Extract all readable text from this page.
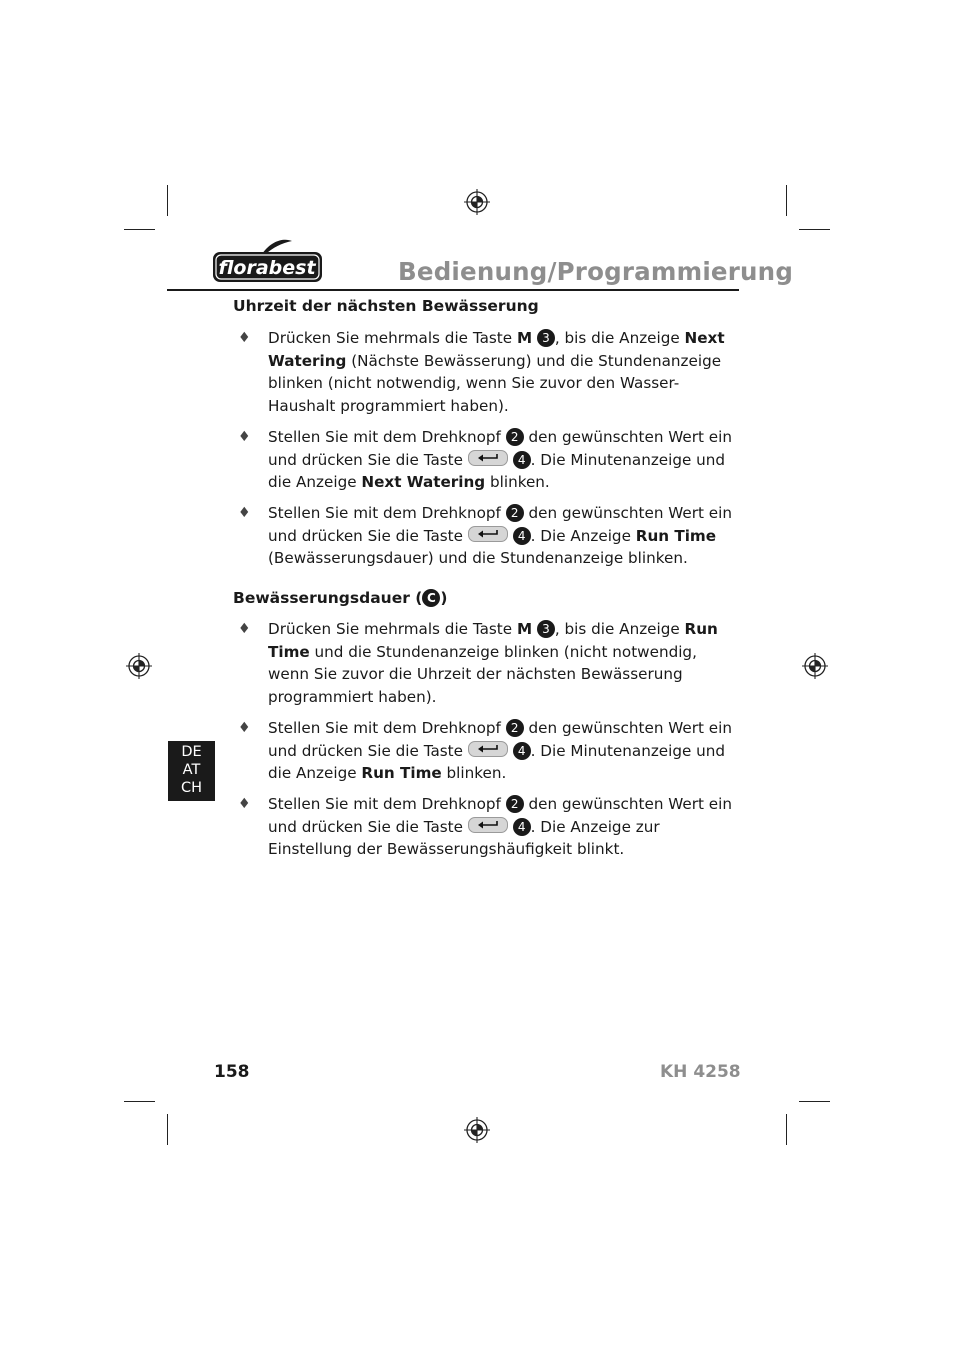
florabest	Bedienung/Programmierung
Uhrzeit der nächsten Bewässerung
♦ Drücken Sie mehrmals die Taste M 3 , bis die Anzeige Next Watering (Nächste Bewässerung) und die Stundenanzeige blinken (nicht notwendig, wenn Sie zuvor den Wasser-Haushalt programmiert haben).
♦ Stellen Sie mit dem Drehknopf 2 den gewünschten Wert ein und drücken Sie die Taste	4 . Die Minutenanzeige und die Anzeige Next Watering blinken.
♦ Stellen Sie mit dem Drehknopf 2 den gewünschten Wert ein und drücken Sie die Taste	4 . Die Anzeige Run Time (Bewässerungsdauer) und die Stundenanzeige blinken.
Bewässerungsdauer ( C )
♦ Drücken Sie mehrmals die Taste M 3 , bis die Anzeige Run Time und die Stundenanzeige blinken (nicht notwendig, wenn Sie zuvor die Uhrzeit der nächsten Bewässerung programmiert haben).
♦ Stellen Sie mit dem Drehknopf 2 den gewünschten Wert ein und drücken Sie die Taste	4 . Die Minutenanzeige und die Anzeige Run Time blinken.
♦ Stellen Sie mit dem Drehknopf 2 den gewünschten Wert ein und drücken Sie die Taste	4 . Die Anzeige zur Einstellung der Bewässerungshäufigkeit blinkt.
DE
AT
CH
158	KH 4258
